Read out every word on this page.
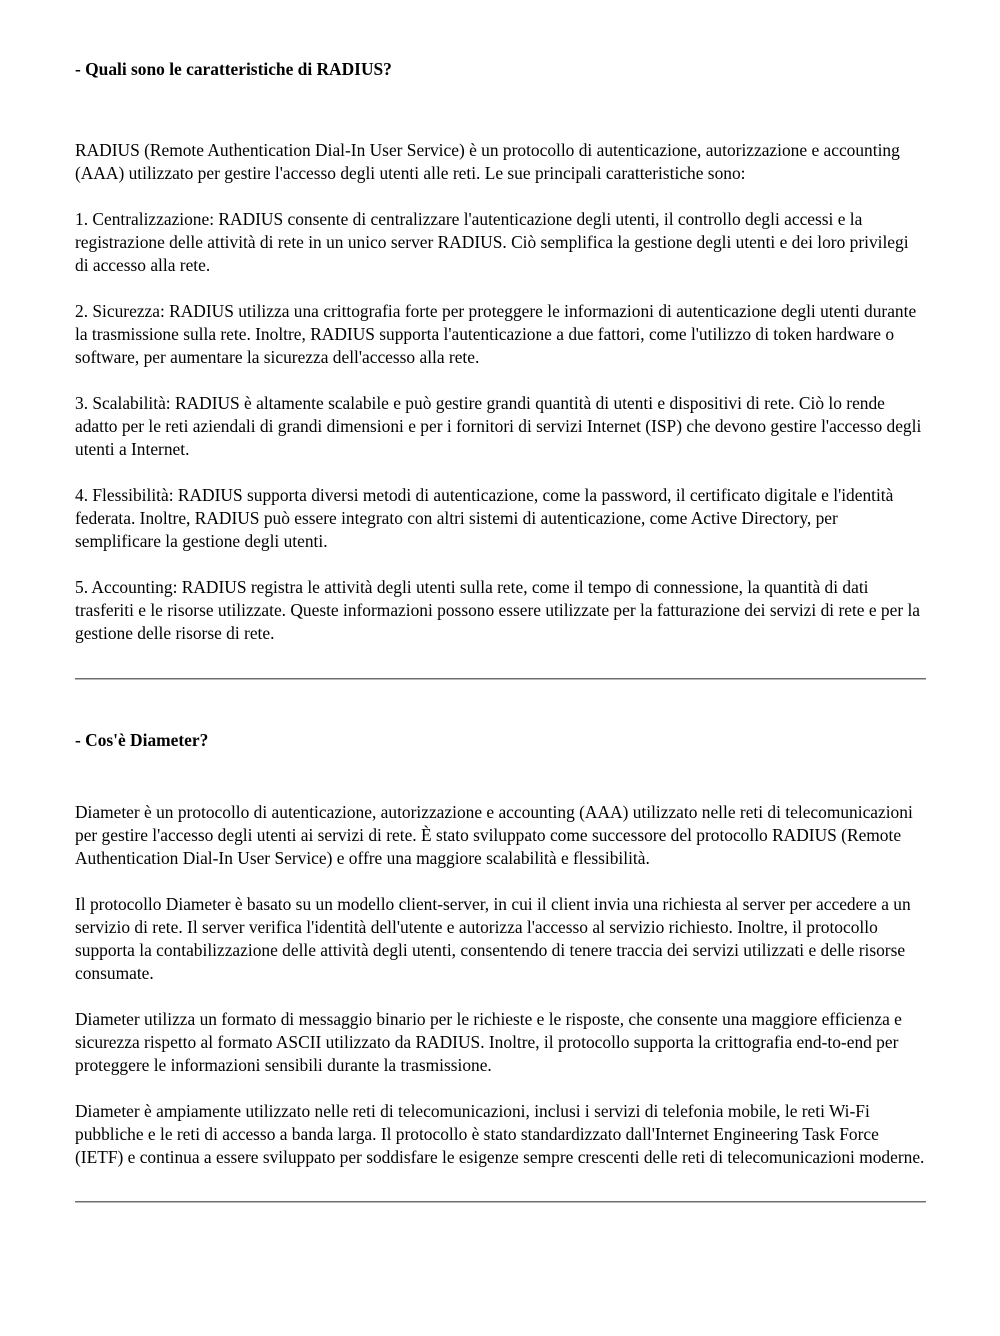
- Quali sono le caratteristiche di RADIUS?

RADIUS (Remote Authentication Dial-In User Service) è un protocollo di autenticazione, autorizzazione e accounting (AAA) utilizzato per gestire l'accesso degli utenti alle reti. Le sue principali caratteristiche sono:

1. Centralizzazione: RADIUS consente di centralizzare l'autenticazione degli utenti, il controllo degli accessi e la registrazione delle attività di rete in un unico server RADIUS. Ciò semplifica la gestione degli utenti e dei loro privilegi di accesso alla rete.

2. Sicurezza: RADIUS utilizza una crittografia forte per proteggere le informazioni di autenticazione degli utenti durante la trasmissione sulla rete. Inoltre, RADIUS supporta l'autenticazione a due fattori, come l'utilizzo di token hardware o software, per aumentare la sicurezza dell'accesso alla rete.

3. Scalabilità: RADIUS è altamente scalabile e può gestire grandi quantità di utenti e dispositivi di rete. Ciò lo rende adatto per le reti aziendali di grandi dimensioni e per i fornitori di servizi Internet (ISP) che devono gestire l'accesso degli utenti a Internet.

4. Flessibilità: RADIUS supporta diversi metodi di autenticazione, come la password, il certificato digitale e l'identità federata. Inoltre, RADIUS può essere integrato con altri sistemi di autenticazione, come Active Directory, per semplificare la gestione degli utenti.

5. Accounting: RADIUS registra le attività degli utenti sulla rete, come il tempo di connessione, la quantità di dati trasferiti e le risorse utilizzate. Queste informazioni possono essere utilizzate per la fatturazione dei servizi di rete e per la gestione delle risorse di rete.

- Cos'è Diameter?

Diameter è un protocollo di autenticazione, autorizzazione e accounting (AAA) utilizzato nelle reti di telecomunicazioni per gestire l'accesso degli utenti ai servizi di rete. È stato sviluppato come successore del protocollo RADIUS (Remote Authentication Dial-In User Service) e offre una maggiore scalabilità e flessibilità.

Il protocollo Diameter è basato su un modello client-server, in cui il client invia una richiesta al server per accedere a un servizio di rete. Il server verifica l'identità dell'utente e autorizza l'accesso al servizio richiesto. Inoltre, il protocollo supporta la contabilizzazione delle attività degli utenti, consentendo di tenere traccia dei servizi utilizzati e delle risorse consumate.

Diameter utilizza un formato di messaggio binario per le richieste e le risposte, che consente una maggiore efficienza e sicurezza rispetto al formato ASCII utilizzato da RADIUS. Inoltre, il protocollo supporta la crittografia end-to-end per proteggere le informazioni sensibili durante la trasmissione.

Diameter è ampiamente utilizzato nelle reti di telecomunicazioni, inclusi i servizi di telefonia mobile, le reti Wi-Fi pubbliche e le reti di accesso a banda larga. Il protocollo è stato standardizzato dall'Internet Engineering Task Force (IETF) e continua a essere sviluppato per soddisfare le esigenze sempre crescenti delle reti di telecomunicazioni moderne.
